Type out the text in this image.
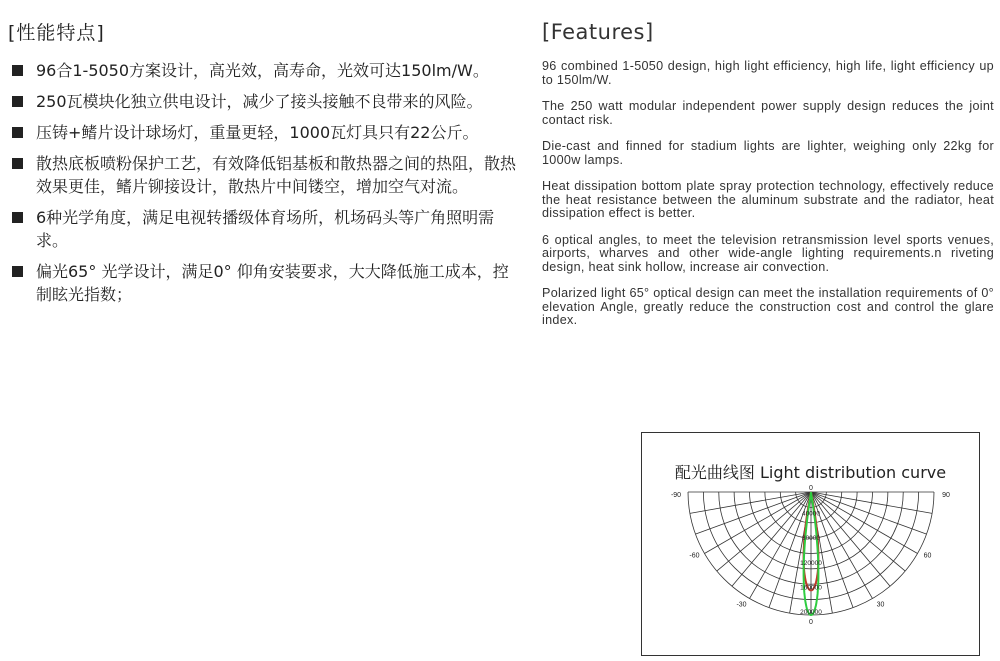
[性能特点]
96合1-5050方案设计，高光效，高寿命，光效可达150lm/W。
250瓦模块化独立供电设计，减少了接头接触不良带来的风险。
压铸+鳍片设计球场灯，重量更轻，1000瓦灯具只有22公斤。
散热底板喷粉保护工艺，有效降低铝基板和散热器之间的热阻，散热效果更佳，鳍片铆接设计，散热片中间镂空，增加空气对流。
6种光学角度，满足电视转播级体育场所，机场码头等广角照明需求。
偏光65° 光学设计，满足0° 仰角安装要求，大大降低施工成本，控制眩光指数；
[Features]

96 combined 1-5050 design, high light efficiency, high life, light efficiency up to 150lm/W.

The 250 watt modular independent power supply design reduces the joint contact risk.

Die-cast and finned for stadium lights are lighter, weighing only 22kg for 1000w lamps.

Heat dissipation bottom plate spray protection technology, effectively reduce the heat resistance between the aluminum substrate and the radiator, heat dissipation effect is better.

6 optical angles, to meet the television retransmission level sports venues, airports, wharves and other wide-angle lighting requirements.n riveting design, heat sink hollow, increase air convection.

Polarized light 65° optical design can meet the installation requirements of 0° elevation Angle, greatly reduce the construction cost and control the glare index.

配光曲线图 Light distribution curve
40000
80000
120000
160000
200000
-90	90
-60	60
-30	30
0
0
